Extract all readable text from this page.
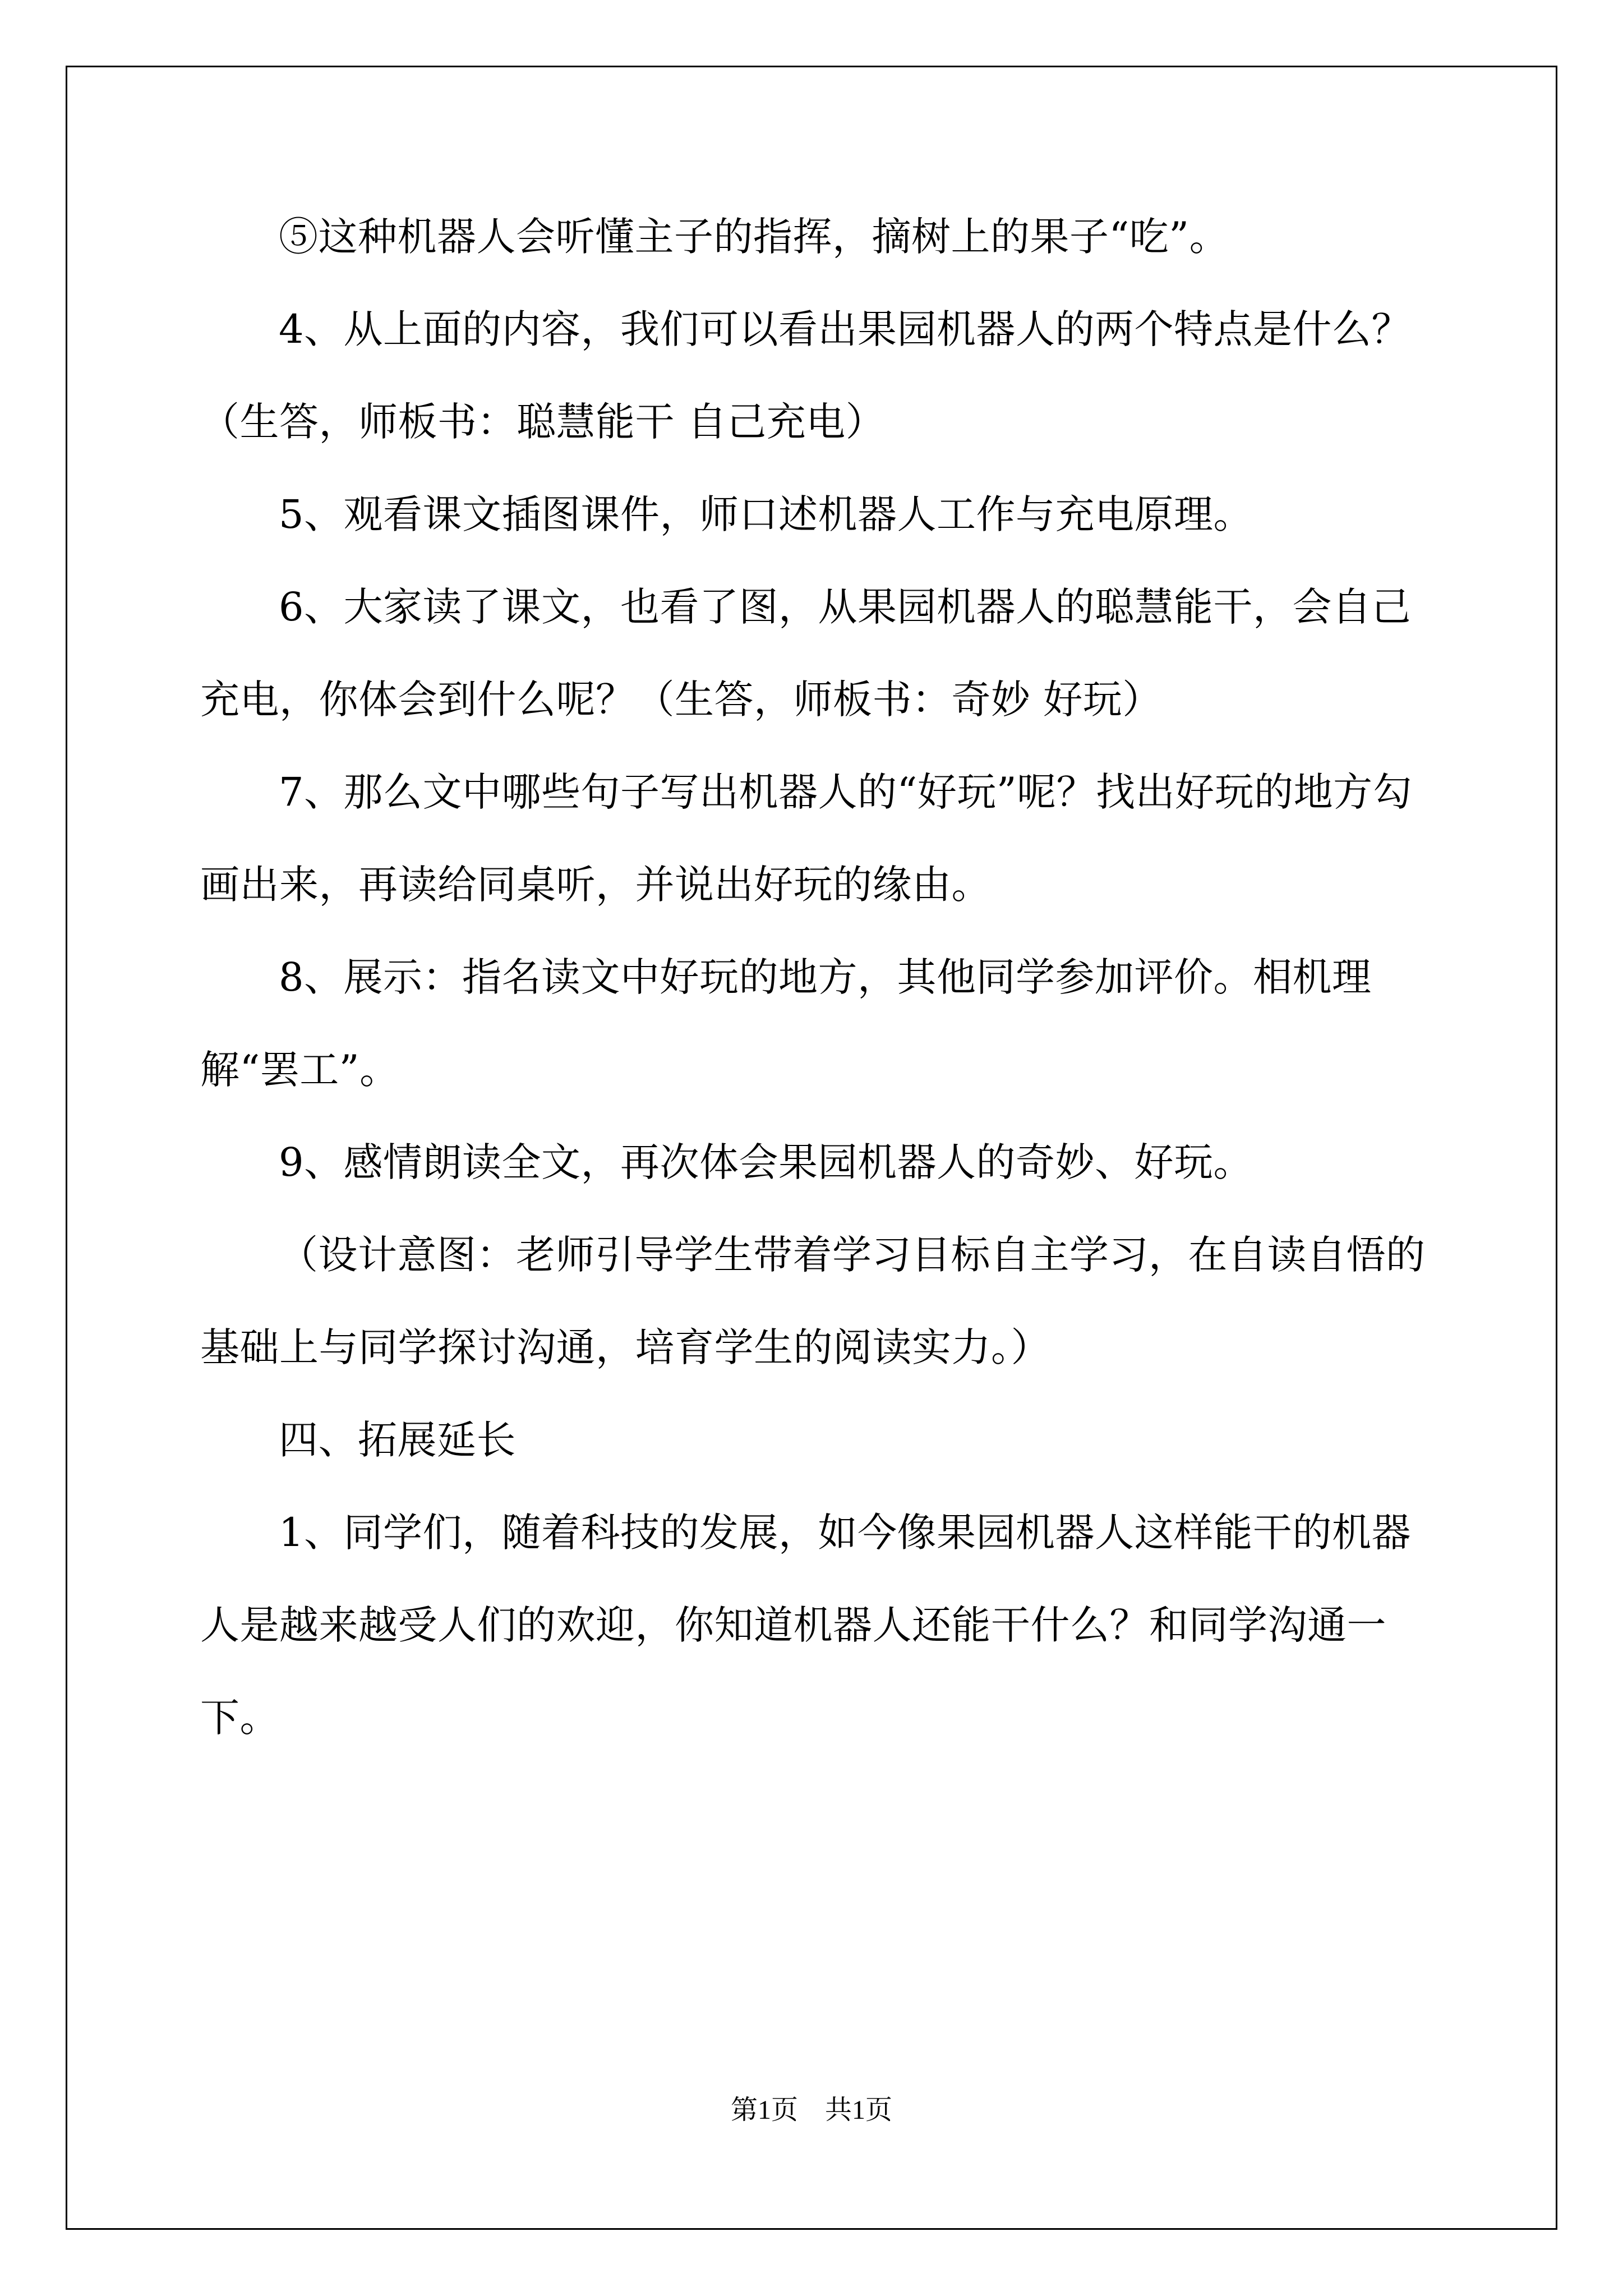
⑤这种机器人会听懂主子的指挥，摘树上的果子“吃”。

4、从上面的内容，我们可以看出果园机器人的两个特点是什么？（生答，师板书：聪慧能干 自己充电）

5、观看课文插图课件，师口述机器人工作与充电原理。

6、大家读了课文，也看了图，从果园机器人的聪慧能干，会自己充电，你体会到什么呢？（生答，师板书：奇妙 好玩）

7、那么文中哪些句子写出机器人的“好玩”呢？找出好玩的地方勾画出来，再读给同桌听，并说出好玩的缘由。

8、展示：指名读文中好玩的地方，其他同学参加评价。相机理解“罢工”。

9、感情朗读全文，再次体会果园机器人的奇妙、好玩。

（设计意图：老师引导学生带着学习目标自主学习，在自读自悟的基础上与同学探讨沟通，培育学生的阅读实力。）

四、拓展延长

1、同学们，随着科技的发展，如今像果园机器人这样能干的机器人是越来越受人们的欢迎，你知道机器人还能干什么？和同学沟通一下。

第1页　共1页
